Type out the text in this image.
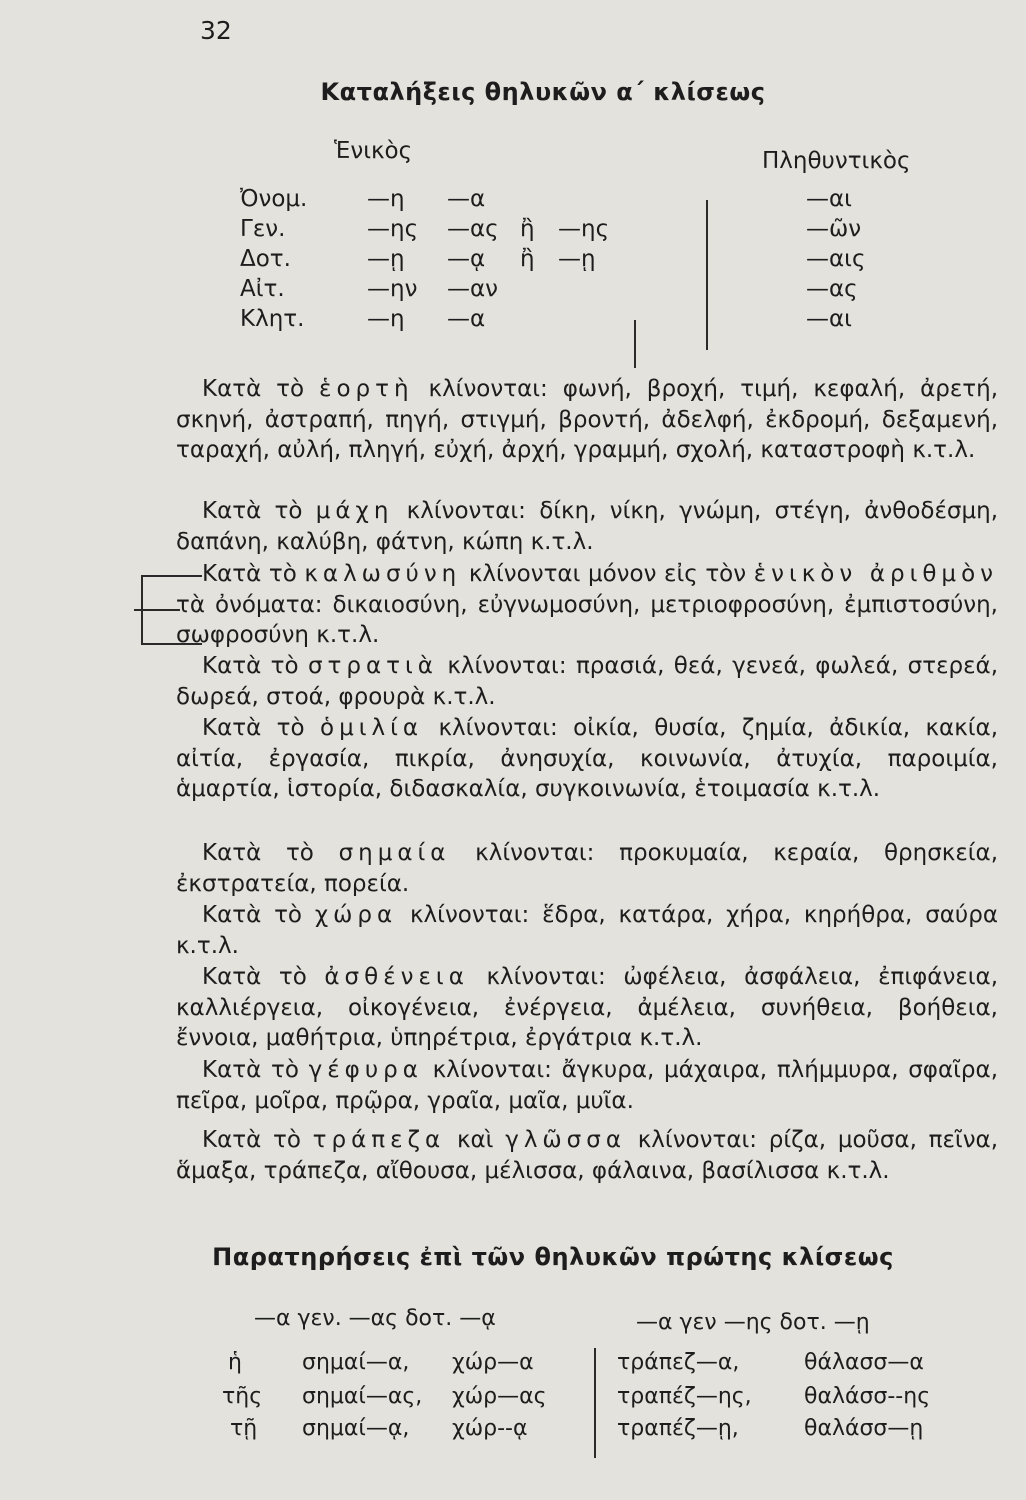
32
Καταλήξεις θηλυκῶν α΄ κλίσεως
Ἑνικὸς	Πληθυντικὸς
Ὀνομ.	—η —α	—αι
Γεν.	—ης —ας ἢ —ης	—ῶν
Δοτ.	—ῃ —ᾳ ἢ —ῃ	—αις
Αἰτ.	—ην —αν	—ας
Κλητ.	—η —α	—αι
Κατὰ τὸ ἑορτὴ κλίνονται: φωνή, βροχή, τιμή, κεφαλή, ἀρετή, σκηνή, ἀστραπή, πηγή, στιγμή, βροντή, ἀδελφή, ἐκδρομή, δεξαμενή, ταραχή, αὐλή, πληγή, εὐχή, ἀρχή, γραμμή, σχολή, καταστροφὴ κ.τ.λ.
Κατὰ τὸ μάχη κλίνονται: δίκη, νίκη, γνώμη, στέγη, ἀνθοδέσμη, δαπάνη, καλύβη, φάτνη, κώπη κ.τ.λ.
Κατὰ τὸ καλωσύνη κλίνονται μόνον εἰς τὸν ἑνικὸν ἀριθμὸν τὰ ὀνόματα: δικαιοσύνη, εὐγνωμοσύνη, μετριοφροσύνη, ἐμπιστοσύνη, σωφροσύνη κ.τ.λ.
Κατὰ τὸ στρατιὰ κλίνονται: πρασιά, θεά, γενεά, φωλεά, στερεά, δωρεά, στοά, φρουρὰ κ.τ.λ.
Κατὰ τὸ ὁμιλία κλίνονται: οἰκία, θυσία, ζημία, ἀδικία, κακία, αἰτία, ἐργασία, πικρία, ἀνησυχία, κοινωνία, ἀτυχία, παροιμία, ἁμαρτία, ἱστορία, διδασκαλία, συγκοινωνία, ἑτοιμασία κ.τ.λ.
Κατὰ τὸ σημαία κλίνονται: προκυμαία, κεραία, θρησκεία, ἐκστρατεία, πορεία.
Κατὰ τὸ χώρα κλίνονται: ἕδρα, κατάρα, χήρα, κηρήθρα, σαύρα κ.τ.λ.
Κατὰ τὸ ἀσθένεια κλίνονται: ὠφέλεια, ἀσφάλεια, ἐπιφάνεια, καλλιέργεια, οἰκογένεια, ἐνέργεια, ἀμέλεια, συνήθεια, βοήθεια, ἔννοια, μαθήτρια, ὑπηρέτρια, ἐργάτρια κ.τ.λ.
Κατὰ τὸ γέφυρα κλίνονται: ἄγκυρα, μάχαιρα, πλήμμυρα, σφαῖρα, πεῖρα, μοῖρα, πρῷρα, γραῖα, μαῖα, μυῖα.
Κατὰ τὸ τράπεζα καὶ γλῶσσα κλίνονται: ρίζα, μοῦσα, πεῖνα, ἅμαξα, τράπεζα, αἴθουσα, μέλισσα, φάλαινα, βασίλισσα κ.τ.λ.
Παρατηρήσεις ἐπὶ τῶν θηλυκῶν πρώτης κλίσεως
—α γεν. —ας δοτ. —ᾳ	—α γεν —ης δοτ. —ῃ
ἡ	σημαί—α, χώρ—α	τράπεζ—α,	θάλασσ—α
τῆς σημαί—ας, χώρ—ας	τραπέζ—ης, θαλάσσ--ης
τῇ σημαί—ᾳ, χώρ--ᾳ	τραπέζ—ῃ,	θαλάσσ—ῃ
